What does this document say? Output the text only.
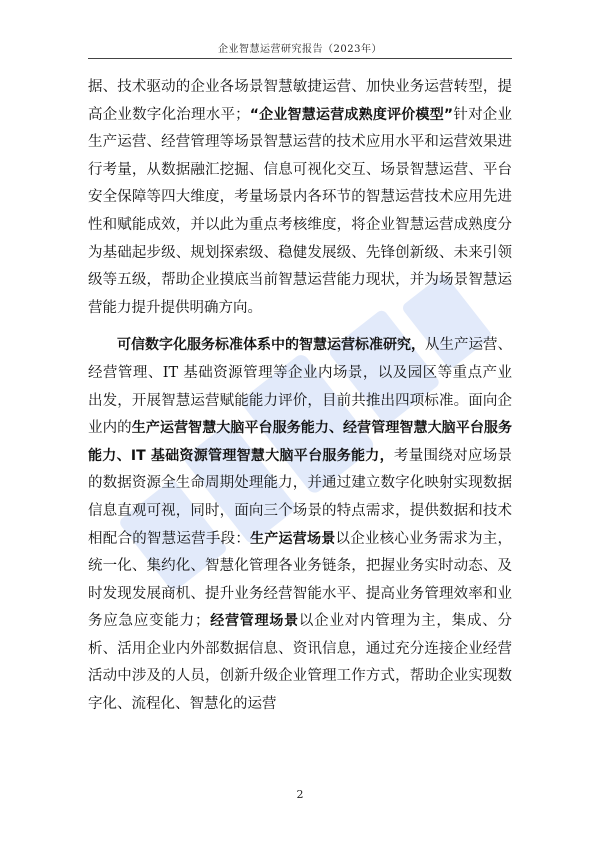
企业智慧运营研究报告（2023年）

据、技术驱动的企业各场景智慧敏捷运营、加快业务运营转型，提高企业数字化治理水平；“企业智慧运营成熟度评价模型”针对企业生产运营、经营管理等场景智慧运营的技术应用水平和运营效果进行考量，从数据融汇挖掘、信息可视化交互、场景智慧运营、平台安全保障等四大维度，考量场景内各环节的智慧运营技术应用先进性和赋能成效，并以此为重点考核维度，将企业智慧运营成熟度分为基础起步级、规划探索级、稳健发展级、先锋创新级、未来引领级等五级，帮助企业摸底当前智慧运营能力现状，并为场景智慧运营能力提升提供明确方向。

可信数字化服务标准体系中的智慧运营标准研究，从生产运营、经营管理、IT 基础资源管理等企业内场景，以及园区等重点产业出发，开展智慧运营赋能能力评价，目前共推出四项标准。面向企业内的生产运营智慧大脑平台服务能力、经营管理智慧大脑平台服务能力、IT 基础资源管理智慧大脑平台服务能力，考量围绕对应场景的数据资源全生命周期处理能力，并通过建立数字化映射实现数据信息直观可视，同时，面向三个场景的特点需求，提供数据和技术相配合的智慧运营手段：生产运营场景以企业核心业务需求为主，统一化、集约化、智慧化管理各业务链条，把握业务实时动态、及时发现发展商机、提升业务经营智能水平、提高业务管理效率和业务应急应变能力；经营管理场景以企业对内管理为主，集成、分析、活用企业内外部数据信息、资讯信息，通过充分连接企业经营活动中涉及的人员，创新升级企业管理工作方式，帮助企业实现数字化、流程化、智慧化的运营

2
